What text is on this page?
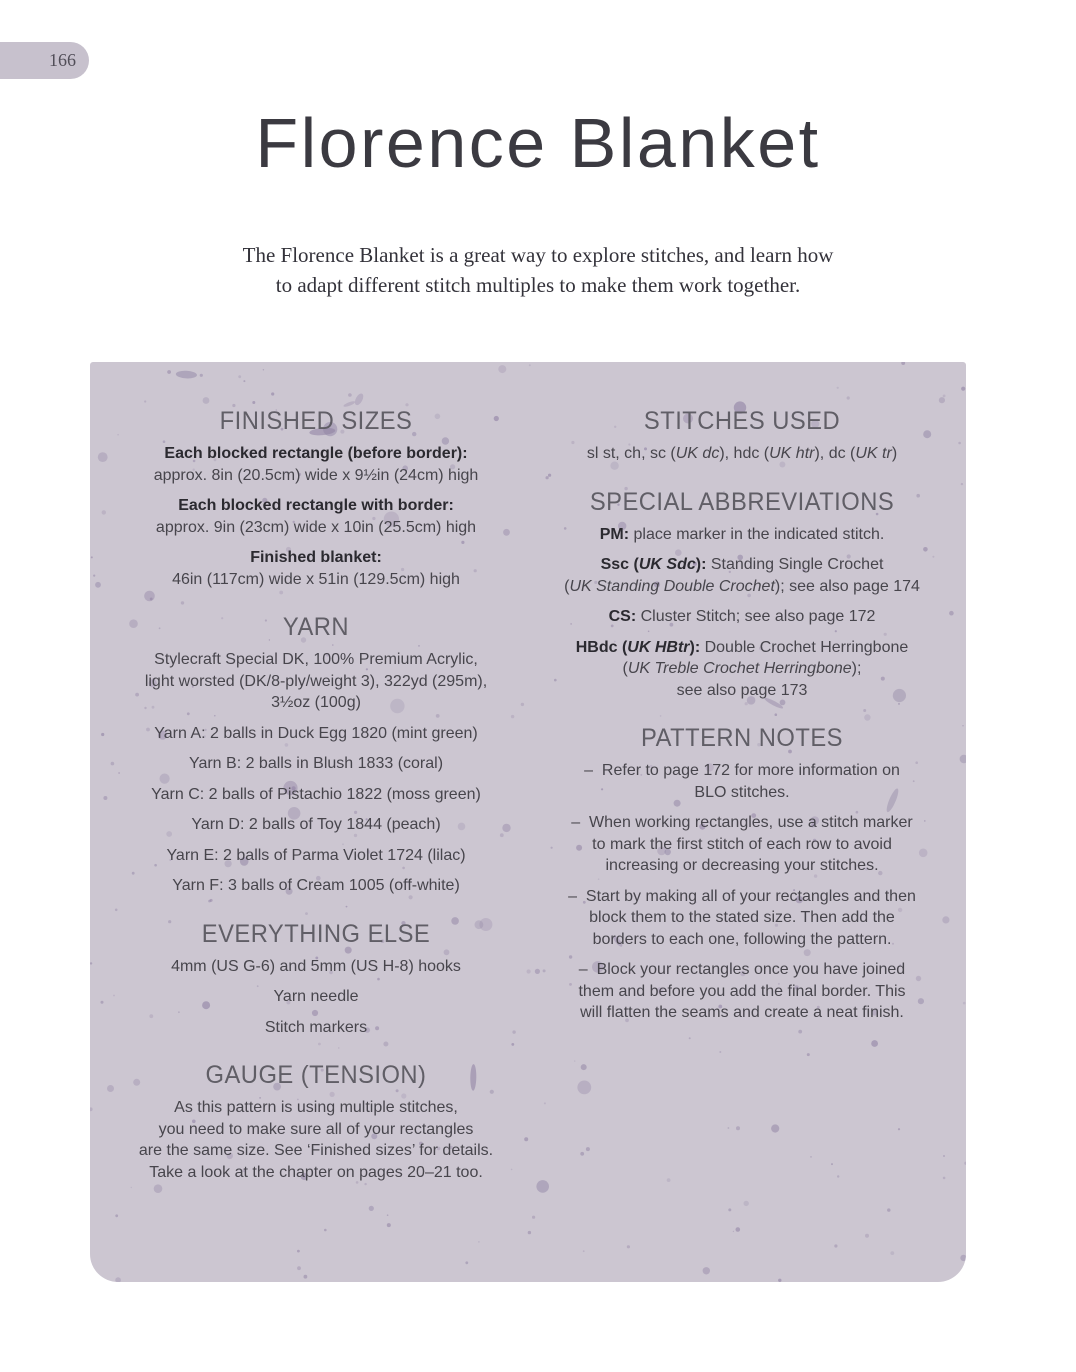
166
Florence Blanket

The Florence Blanket is a great way to explore stitches, and learn how
to adapt different stitch multiples to make them work together.

FINISHED SIZES

Each blocked rectangle (before border):
approx. 8in (20.5cm) wide x 9½in (24cm) high

Each blocked rectangle with border:
approx. 9in (23cm) wide x 10in (25.5cm) high

Finished blanket:
46in (117cm) wide x 51in (129.5cm) high

YARN

Stylecraft Special DK, 100% Premium Acrylic,
light worsted (DK/8-ply/weight 3), 322yd (295m),
3½oz (100g)

Yarn A: 2 balls in Duck Egg 1820 (mint green)

Yarn B: 2 balls in Blush 1833 (coral)

Yarn C: 2 balls of Pistachio 1822 (moss green)

Yarn D: 2 balls of Toy 1844 (peach)

Yarn E: 2 balls of Parma Violet 1724 (lilac)

Yarn F: 3 balls of Cream 1005 (off-white)

EVERYTHING ELSE

4mm (US G-6) and 5mm (US H-8) hooks

Yarn needle

Stitch markers

GAUGE (TENSION)

As this pattern is using multiple stitches,
you need to make sure all of your rectangles
are the same size. See ‘Finished sizes’ for details.
Take a look at the chapter on pages 20–21 too.

STITCHES USED

sl st, ch, sc (UK dc), hdc (UK htr), dc (UK tr)

SPECIAL ABBREVIATIONS

PM: place marker in the indicated stitch.

Ssc (UK Sdc): Standing Single Crochet
(UK Standing Double Crochet); see also page 174

CS: Cluster Stitch; see also page 172

HBdc (UK HBtr): Double Crochet Herringbone
(UK Treble Crochet Herringbone);
see also page 173

PATTERN NOTES

–  Refer to page 172 for more information on
BLO stitches.

–  When working rectangles, use a stitch marker
to mark the first stitch of each row to avoid
increasing or decreasing your stitches.

–  Start by making all of your rectangles and then
block them to the stated size. Then add the
borders to each one, following the pattern.

–  Block your rectangles once you have joined
them and before you add the final border. This
will flatten the seams and create a neat finish.
